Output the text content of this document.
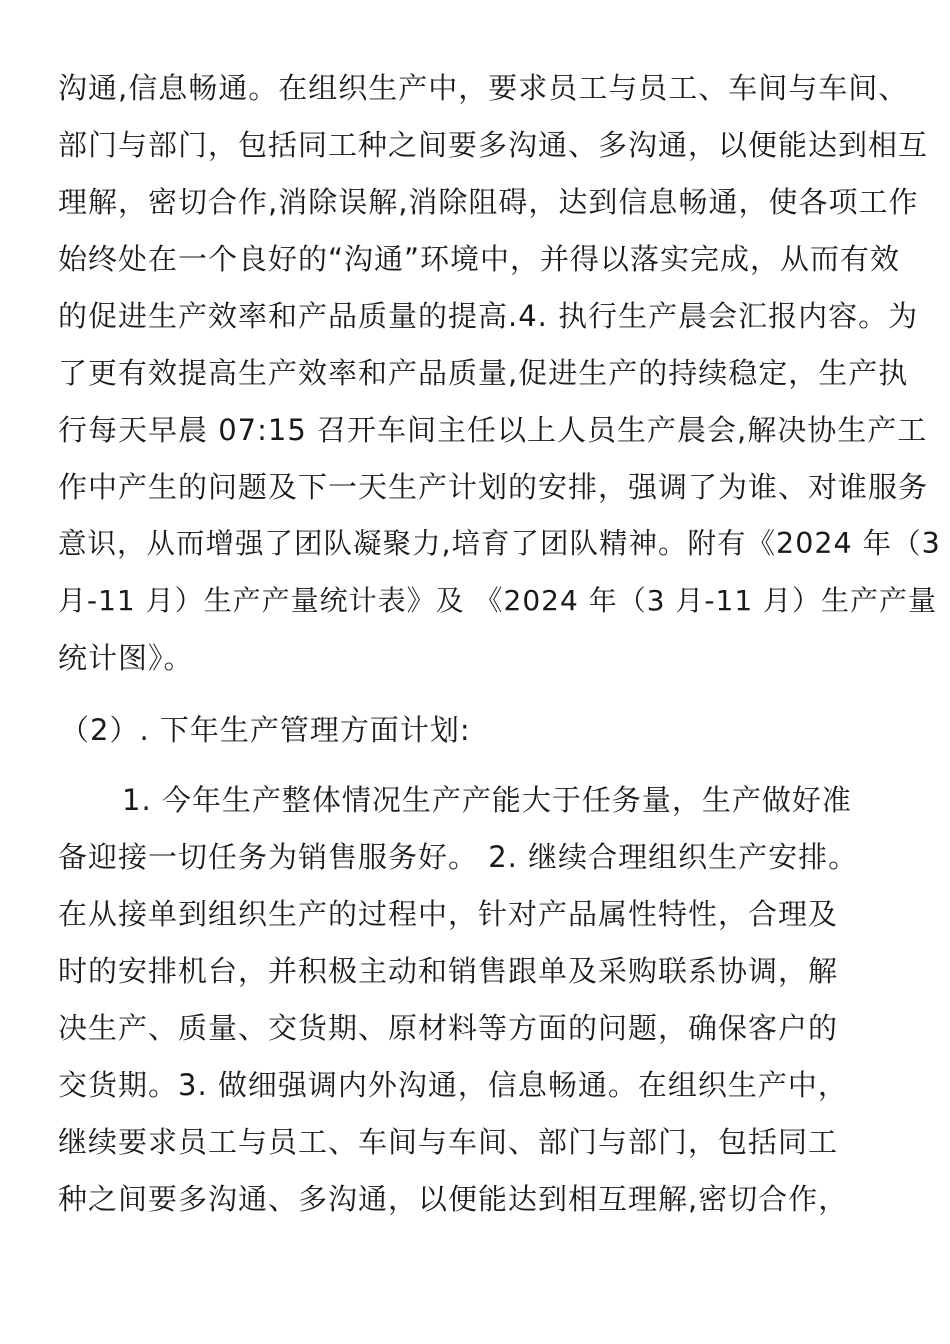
沟通,信息畅通。在组织生产中，要求员工与员工、车间与车间、

部门与部门，包括同工种之间要多沟通、多沟通，以便能达到相互

理解，密切合作,消除误解,消除阻碍，达到信息畅通，使各项工作

始终处在一个良好的“沟通”环境中，并得以落实完成，从而有效

的促进生产效率和产品质量的提高.4. 执行生产晨会汇报内容。为

了更有效提高生产效率和产品质量,促进生产的持续稳定，生产执

行每天早晨 07:15 召开车间主任以上人员生产晨会,解决协生产工

作中产生的问题及下一天生产计划的安排，强调了为谁、对谁服务

意识，从而增强了团队凝聚力,培育了团队精神。附有《2024 年（3

月-11 月）生产产量统计表》及 《2024 年（3 月-11 月）生产产量

统计图》。

（2）. 下年生产管理方面计划:

1. 今年生产整体情况生产产能大于任务量，生产做好准

备迎接一切任务为销售服务好。 2. 继续合理组织生产安排。

在从接单到组织生产的过程中，针对产品属性特性，合理及

时的安排机台，并积极主动和销售跟单及采购联系协调，解

决生产、质量、交货期、原材料等方面的问题，确保客户的

交货期。3. 做细强调内外沟通，信息畅通。在组织生产中，

继续要求员工与员工、车间与车间、部门与部门，包括同工

种之间要多沟通、多沟通，以便能达到相互理解,密切合作，
